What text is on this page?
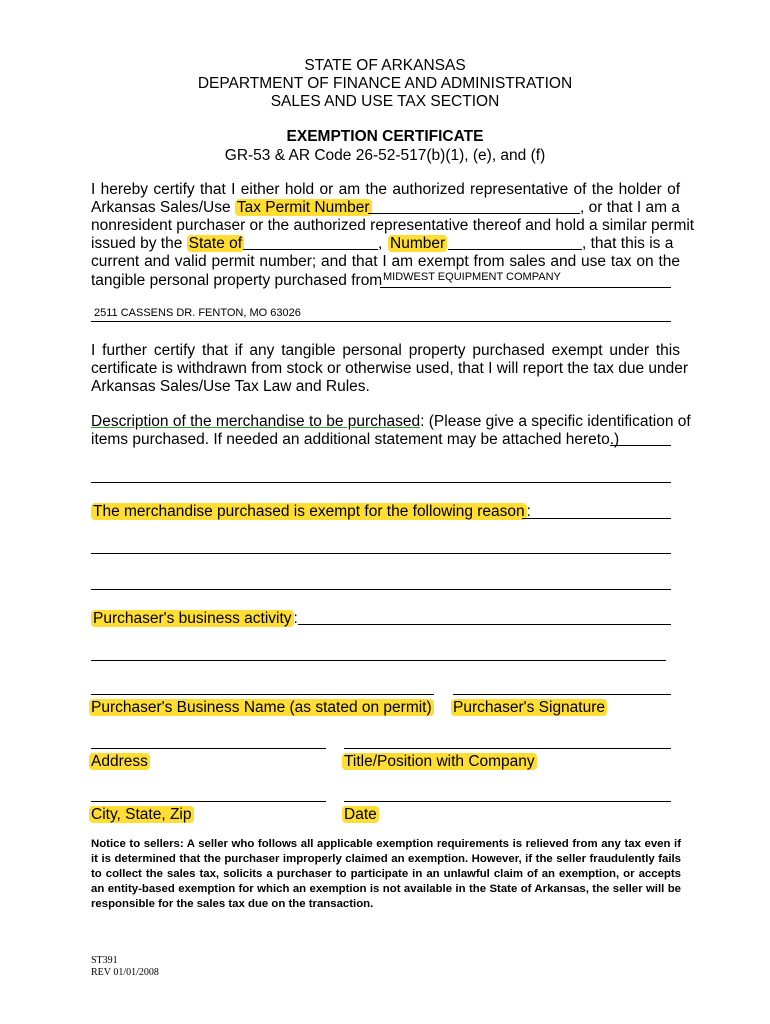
STATE OF ARKANSAS
DEPARTMENT OF FINANCE AND ADMINISTRATION
SALES AND USE TAX SECTION
EXEMPTION CERTIFICATE
GR-53 & AR Code 26-52-517(b)(1), (e), and (f)
I hereby certify that I either hold or am the authorized representative of the holder of
Arkansas Sales/Use Tax Permit Number	, or that I am a
nonresident purchaser or the authorized representative thereof and hold a similar permit
issued by the State of	, Number	, that this is a
current and valid permit number; and that I am exempt from sales and use tax on the
tangible personal property purchased from MIDWEST EQUIPMENT COMPANY
2511 CASSENS DR. FENTON, MO 63026
I further certify that if any tangible personal property purchased exempt under this
certificate is withdrawn from stock or otherwise used, that I will report the tax due under
Arkansas Sales/Use Tax Law and Rules.
Description of the merchandise to be purchased: (Please give a specific identification of
items purchased. If needed an additional statement may be attached hereto.)
The merchandise purchased is exempt for the following reason :
Purchaser's business activity :
Purchaser's Business Name (as stated on permit) Purchaser's Signature
Address	Title/Position with Company
City, State, Zip	Date
Notice to sellers: A seller who follows all applicable exemption requirements is relieved from any tax even if it is determined that the purchaser improperly claimed an exemption. However, if the seller fraudulently fails to collect the sales tax, solicits a purchaser to participate in an unlawful claim of an exemption, or accepts an entity-based exemption for which an exemption is not available in the State of Arkansas, the seller will be responsible for the sales tax due on the transaction.
ST391
REV 01/01/2008
